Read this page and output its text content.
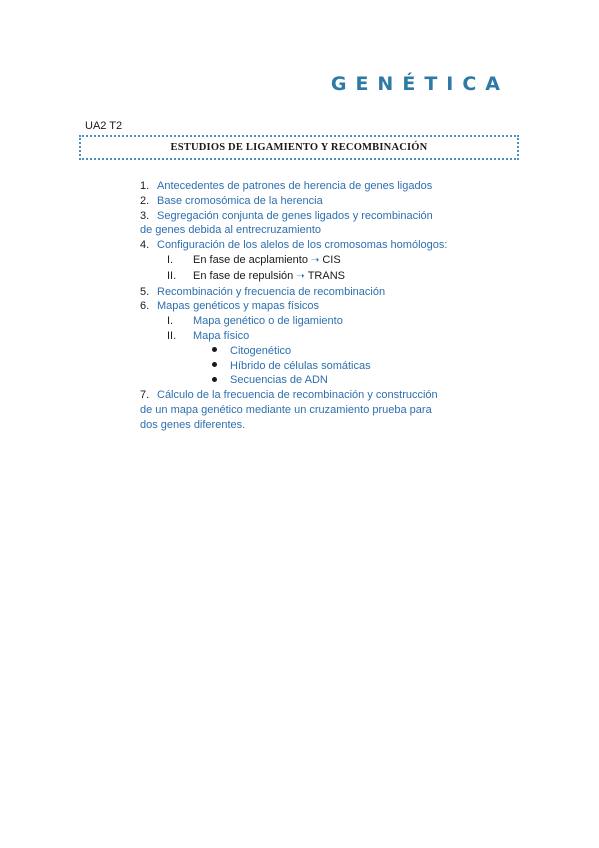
GENÉTICA
UA2 T2
ESTUDIOS DE LIGAMIENTO Y RECOMBINACIÓN
1. Antecedentes de patrones de herencia de genes ligados
2. Base cromosómica de la herencia
3. Segregación conjunta de genes ligados y recombinación
de genes debida al entrecruzamiento
4. Configuración de los alelos de los cromosomas homólogos:
I. En fase de acplamiento ➝ CIS
II. En fase de repulsión ➝ TRANS
5. Recombinación y frecuencia de recombinación
6. Mapas genéticos y mapas físicos
I. Mapa genético o de ligamiento
II. Mapa físico
Citogenético
Híbrido de células somáticas
Secuencias de ADN
7. Cálculo de la frecuencia de recombinación y construcción
de un mapa genético mediante un cruzamiento prueba para
dos genes diferentes.
